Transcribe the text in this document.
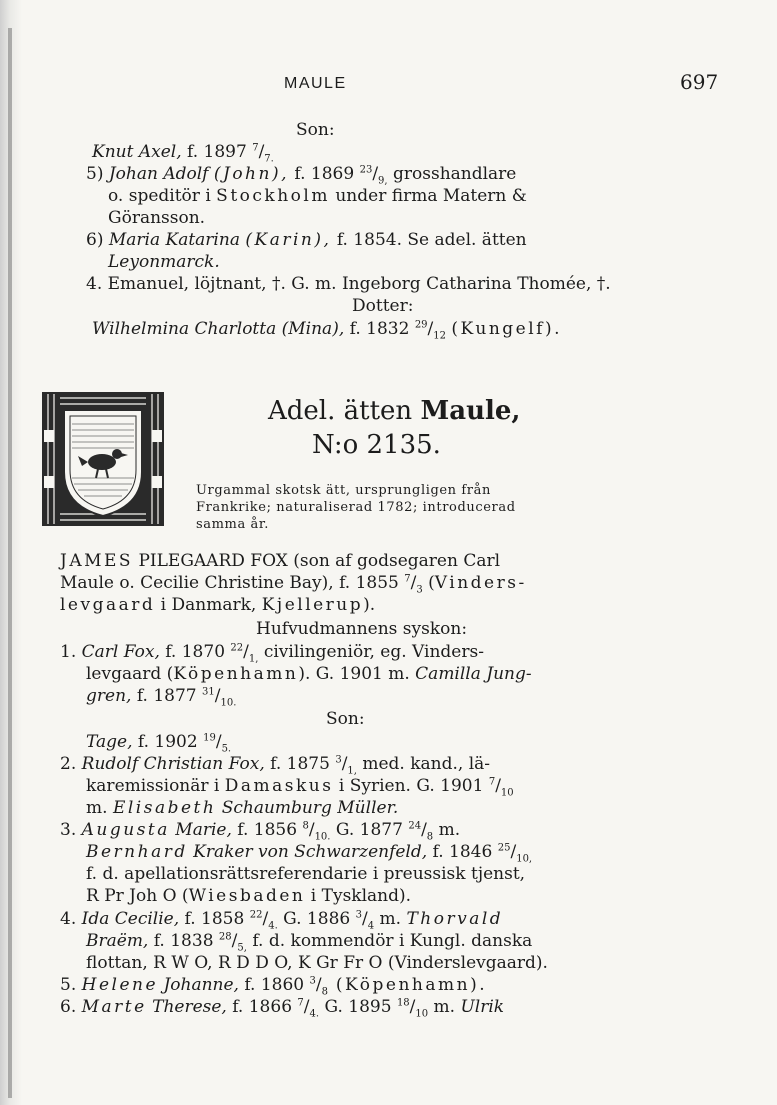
MAULE	697
Son:
Knut Axel, f. 1897 $^7/_{7.}$
5) Johan Adolf (John), f. 1869 $^{23}/_{9,}$ grosshandlare
o. speditör i Stockholm under firma Matern &
Göransson.
6) Maria Katarina (Karin), f. 1854. Se adel. ätten
Leyonmarck.
4. Emanuel, löjtnant, †. G. m. Ingeborg Catharina Thomée, †.
Dotter:
Wilhelmina Charlotta (Mina), f. 1832 $^{29}/_{12}$ (Kungelf).
Adel. ätten Maule,
N:o 2135.
Urgammal skotsk ätt, ursprungligen från
Frankrike; naturaliserad 1782; introducerad
samma år.
JAMES PILEGAARD FOX (son af godsegaren Carl
Maule o. Cecilie Christine Bay), f. 1855 $^7/_3$ (Vinders-
levgaard i Danmark, Kjellerup).
Hufvudmannens syskon:
1. Carl Fox, f. 1870 $^{22}/_{1,}$ civilingeniör, eg. Vinders-
levgaard (Köpenhamn). G. 1901 m. Camilla Jung-
gren, f. 1877 $^{31}/_{10.}$
Son:
Tage, f. 1902 $^{19}/_{5.}$
2. Rudolf Christian Fox, f. 1875 $^3/_{1,}$ med. kand., lä-
karemissionär i Damaskus i Syrien. G. 1901 $^7/_{10}$
m. Elisabeth Schaumburg Müller.
3. Augusta Marie, f. 1856 $^8/_{10.}$ G. 1877 $^{24}/_8$ m.
Bernhard Kraker von Schwarzenfeld, f. 1846 $^{25}/_{10,}$
f. d. apellationsrättsreferendarie i preussisk tjenst,
R Pr Joh O (Wiesbaden i Tyskland).
4. Ida Cecilie, f. 1858 $^{22}/_{4.}$ G. 1886 $^3/_4$ m. Thorvald
Braëm, f. 1838 $^{28}/_{5,}$ f. d. kommendör i Kungl. danska
flottan, R W O, R D D O, K Gr Fr O (Vinderslevgaard).
5. Helene Johanne, f. 1860 $^3/_8$ (Köpenhamn).
6. Marte Therese, f. 1866 $^7/_{4.}$ G. 1895 $^{18}/_{10}$ m. Ulrik
